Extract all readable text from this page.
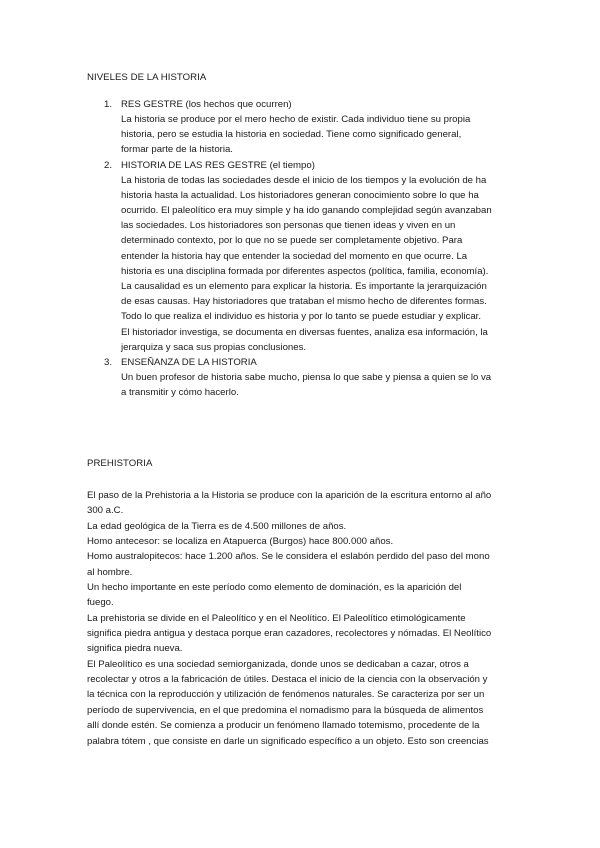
NIVELES DE LA HISTORIA
1. RES GESTRE (los hechos que ocurren)
La historia se produce por el mero hecho de existir. Cada individuo tiene su propia
historia, pero se estudia la historia en sociedad. Tiene como significado general,
formar parte de la historia.
2. HISTORIA DE LAS RES GESTRE (el tiempo)
La historia de todas las sociedades desde el inicio de los tiempos y la evolución de ha
historia hasta la actualidad. Los historiadores generan conocimiento sobre lo que ha
ocurrido. El paleolítico era muy simple y ha ido ganando complejidad según avanzaban
las sociedades. Los historiadores son personas que tienen ideas y viven en un
determinado contexto, por lo que no se puede ser completamente objetivo. Para
entender la historia hay que entender la sociedad del momento en que ocurre. La
historia es una disciplina formada por diferentes aspectos (política, familia, economía).
La causalidad es un elemento para explicar la historia. Es importante la jerarquización
de esas causas. Hay historiadores que trataban el mismo hecho de diferentes formas.
Todo lo que realiza el individuo es historia y por lo tanto se puede estudiar y explicar.
El historiador investiga, se documenta en diversas fuentes, analiza esa información, la
jerarquiza y saca sus propias conclusiones.
3. ENSEÑANZA DE LA HISTORIA
Un buen profesor de historia sabe mucho, piensa lo que sabe y piensa a quien se lo va
a transmitir y cómo hacerlo.
PREHISTORIA
El paso de la Prehistoria a la Historia se produce con la aparición de la escritura entorno al año
300 a.C.
La edad geológica de la Tierra es de 4.500 millones de años.
Homo antecesor: se localiza en Atapuerca (Burgos) hace 800.000 años.
Homo australopitecos: hace 1.200 años. Se le considera el eslabón perdido del paso del mono
al hombre.
Un hecho importante en este período como elemento de dominación, es la aparición del
fuego.
La prehistoria se divide en el Paleolítico y en el Neolítico. El Paleolítico etimológicamente
significa piedra antigua y destaca porque eran cazadores, recolectores y nómadas. El Neolítico
significa piedra nueva.
El Paleolítico es una sociedad semiorganizada, donde unos se dedicaban a cazar, otros a
recolectar y otros a la fabricación de útiles. Destaca el inicio de la ciencia con la observación y
la técnica con la reproducción y utilización de fenómenos naturales. Se caracteriza por ser un
período de supervivencia, en el que predomina el nomadismo para la búsqueda de alimentos
allí donde estén. Se comienza a producir un fenómeno llamado totemismo, procedente de la
palabra tótem , que consiste en darle un significado específico a un objeto. Esto son creencias
